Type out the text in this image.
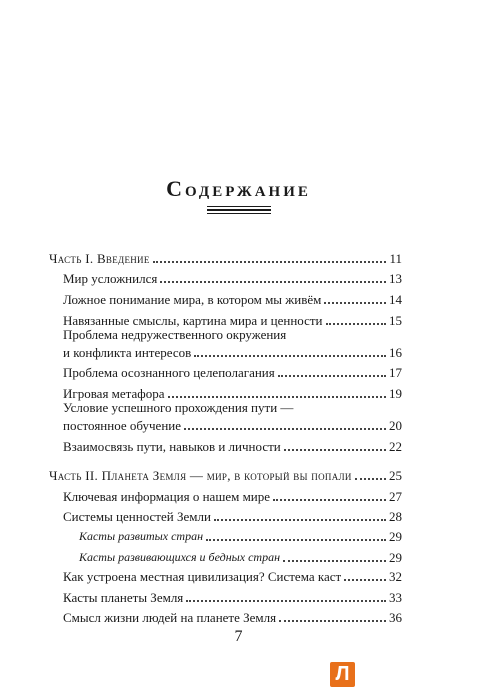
Содержание
Часть I. Введение	11
Мир усложнился	13
Ложное понимание мира, в котором мы живём	14
Навязанные смыслы, картина мира и ценности	15
Проблема недружественного окружения
и конфликта интересов	16
Проблема осознанного целеполагания	17
Игровая метафора	19
Условие успешного прохождения пути —
постоянное обучение	20
Взаимосвязь пути, навыков и личности	22
Часть II. Планета Земля — мир, в который вы попали	25
Ключевая информация о нашем мире	27
Системы ценностей Земли	28
Касты развитых стран	29
Касты развивающихся и бедных стран	29
Как устроена местная цивилизация? Система каст	32
Касты планеты Земля	33
Смысл жизни людей на планете Земля	36
7
Л
